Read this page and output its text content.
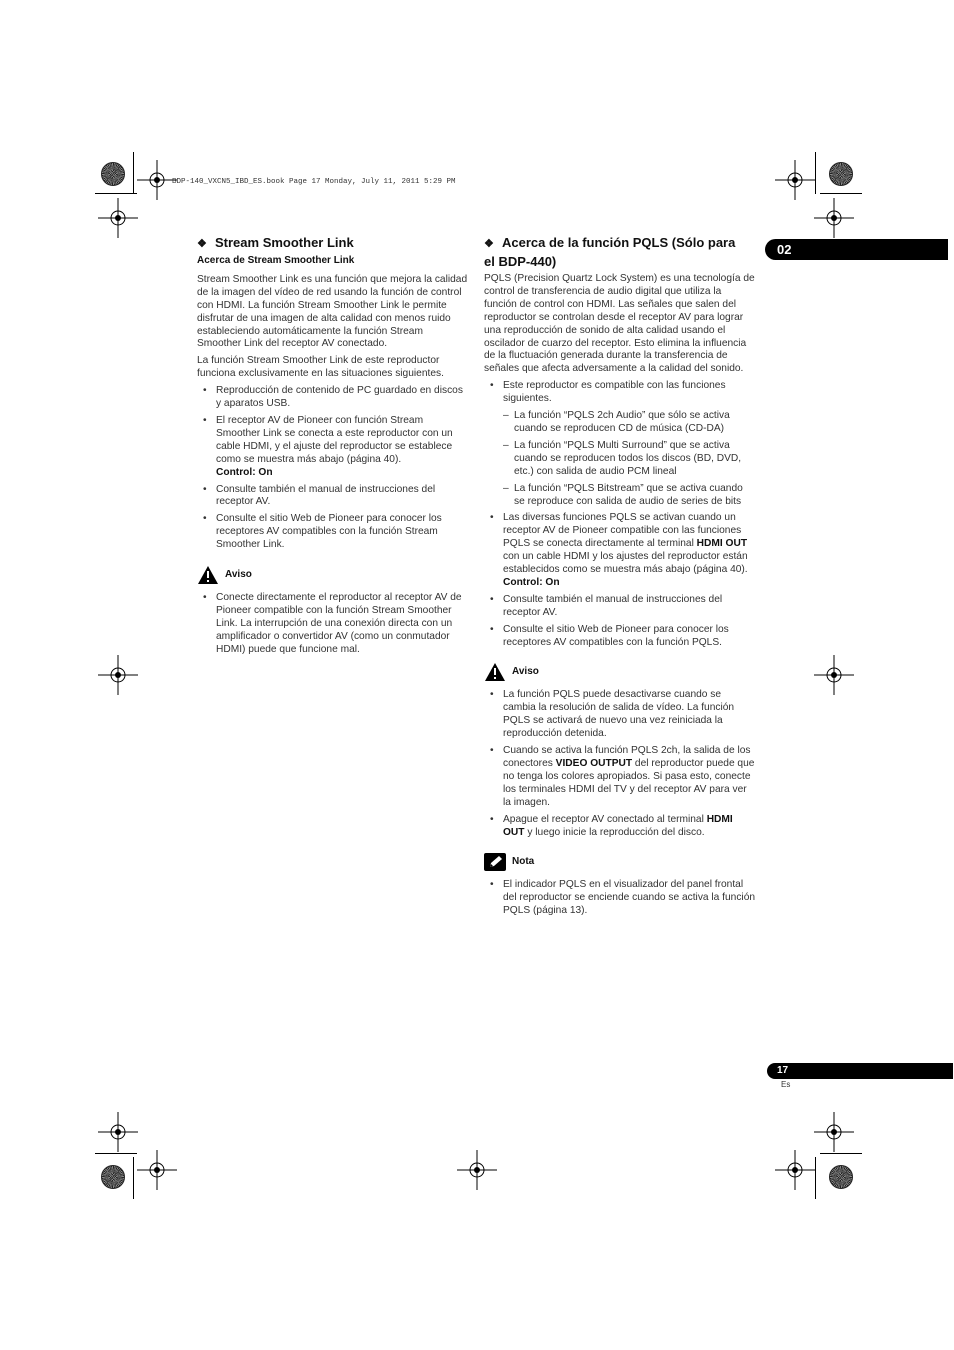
BDP-140_VXCN5_IBD_ES.book Page 17 Monday, July 11, 2011 5:29 PM
02
❖ Stream Smoother Link
Acerca de Stream Smoother Link

Stream Smoother Link es una función que mejora la calidad de la imagen del vídeo de red usando la función de control con HDMI. La función Stream Smoother Link le permite disfrutar de una imagen de alta calidad con menos ruido estableciendo automáticamente la función Stream Smoother Link del receptor AV conectado.

La función Stream Smoother Link de este reproductor funciona exclusivamente en las situaciones siguientes.

• Reproducción de contenido de PC guardado en discos y aparatos USB.
• El receptor AV de Pioneer con función Stream Smoother Link se conecta a este reproductor con un cable HDMI, y el ajuste del reproductor se establece como se muestra más abajo (página 40).
Control: On
• Consulte también el manual de instrucciones del receptor AV.
• Consulte el sitio Web de Pioneer para conocer los receptores AV compatibles con la función Stream Smoother Link.
Aviso
• Conecte directamente el reproductor al receptor AV de Pioneer compatible con la función Stream Smoother Link. La interrupción de una conexión directa con un amplificador o convertidor AV (como un conmutador HDMI) puede que funcione mal.
❖ Acerca de la función PQLS (Sólo para
el BDP-440)

PQLS (Precision Quartz Lock System) es una tecnología de control de transferencia de audio digital que utiliza la función de control con HDMI. Las señales que salen del reproductor se controlan desde el receptor AV para lograr una reproducción de sonido de alta calidad usando el oscilador de cuarzo del receptor. Esto elimina la influencia de la fluctuación generada durante la transferencia de señales que afecta adversamente a la calidad del sonido.

• Este reproductor es compatible con las funciones siguientes.
– La función “PQLS 2ch Audio” que sólo se activa cuando se reproducen CD de música (CD-DA)
– La función “PQLS Multi Surround” que se activa cuando se reproducen todos los discos (BD, DVD, etc.) con salida de audio PCM lineal
– La función “PQLS Bitstream” que se activa cuando se reproduce con salida de audio de series de bits
• Las diversas funciones PQLS se activan cuando un receptor AV de Pioneer compatible con las funciones PQLS se conecta directamente al terminal HDMI OUT con un cable HDMI y los ajustes del reproductor están establecidos como se muestra más abajo (página 40).
Control: On
• Consulte también el manual de instrucciones del receptor AV.
• Consulte el sitio Web de Pioneer para conocer los receptores AV compatibles con la función PQLS.
Aviso
• La función PQLS puede desactivarse cuando se cambia la resolución de salida de vídeo. La función PQLS se activará de nuevo una vez reiniciada la reproducción detenida.
• Cuando se activa la función PQLS 2ch, la salida de los conectores VIDEO OUTPUT del reproductor puede que no tenga los colores apropiados. Si pasa esto, conecte los terminales HDMI del TV y del receptor AV para ver la imagen.
• Apague el receptor AV conectado al terminal HDMI OUT y luego inicie la reproducción del disco.
Nota
• El indicador PQLS en el visualizador del panel frontal del reproductor se enciende cuando se activa la función PQLS (página 13).
17
Es
